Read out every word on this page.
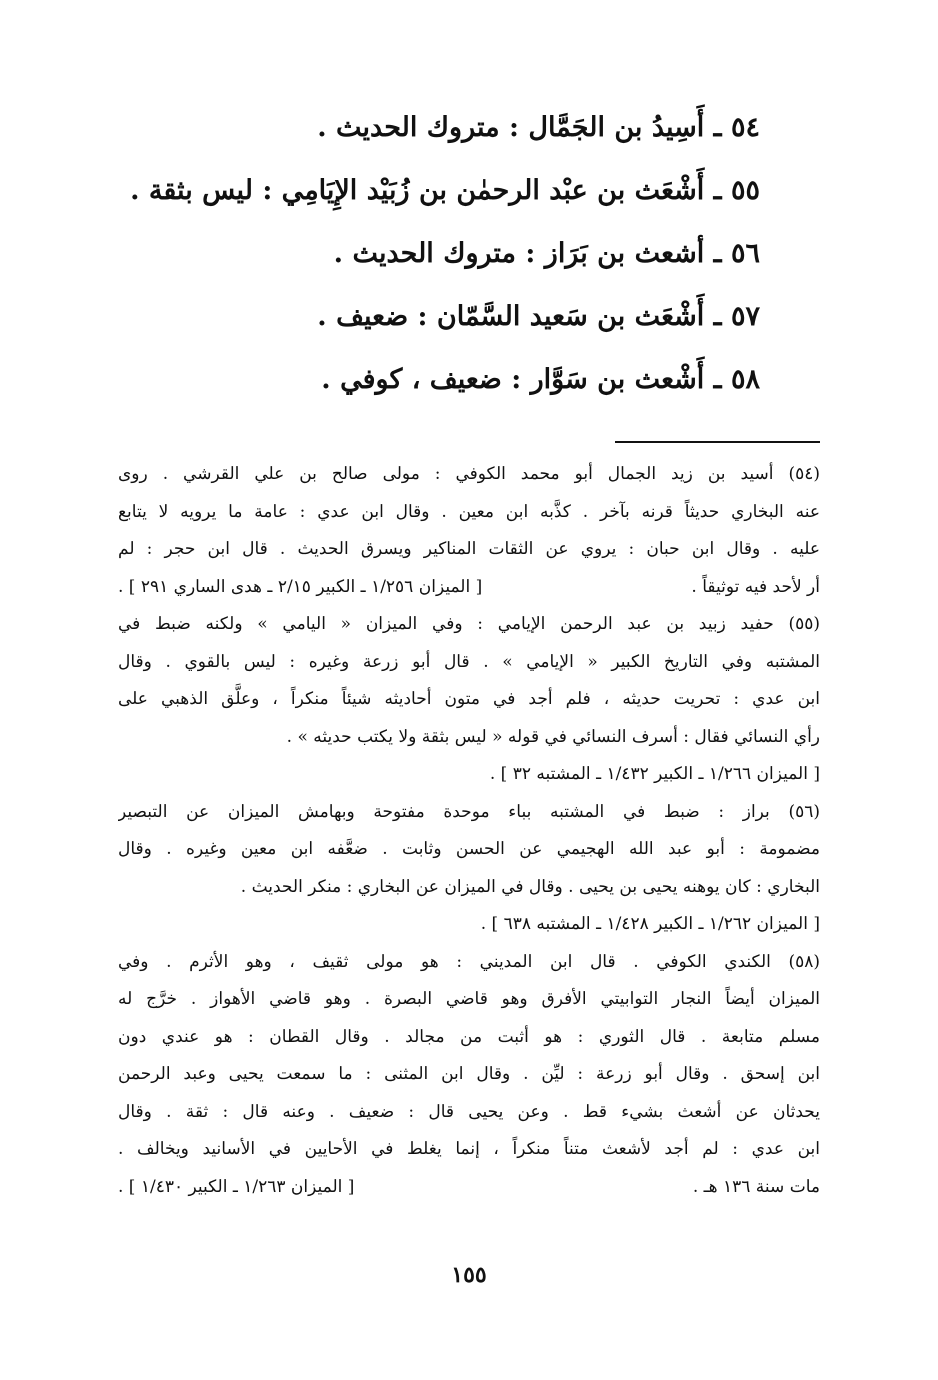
٥٤ ـ أَسِيدُ بن الجَمَّال : متروك الحديث .
٥٥ ـ أَشْعَث بن عبْد الرحمٰن بن زُبَيْد الإِيَامِي : ليس بثقة .
٥٦ ـ أشعث بن بَرَاز : متروك الحديث .
٥٧ ـ أَشْعَث بن سَعيد السَّمّان : ضعيف .
٥٨ ـ أَشْعث بن سَوَّار : ضعيف ، كوفي .
(٥٤) أسيد بن زيد الجمال أبو محمد الكوفي : مولى صالح بن علي القرشي . روى
عنه البخاري حديثاً قرنه بآخر . كذَّبه ابن معين . وقال ابن عدي : عامة ما يرويه لا يتابع
عليه . وقال ابن حبان : يروي عن الثقات المناكير ويسرق الحديث . قال ابن حجر : لم
أر لأحد فيه توثيقاً .
[ الميزان ١/٢٥٦ ـ الكبير ٢/١٥ ـ هدى الساري ٢٩١ ] .
(٥٥) حفيد زبيد بن عبد الرحمن الإيامي : وفي الميزان « اليامي » ولكنه ضبط في
المشتبه وفي التاريخ الكبير « الإيامي » . قال أبو زرعة وغيره : ليس بالقوي . وقال
ابن عدي : تحريت حديثه ، فلم أجد في متون أحاديثه شيئاً منكراً ، وعلَّق الذهبي على
رأي النسائي فقال : أسرف النسائي في قوله « ليس بثقة ولا يكتب حديثه » .
[ الميزان ١/٢٦٦ ـ الكبير ١/٤٣٢ ـ المشتبه ٣٢ ] .
(٥٦) براز : ضبط في المشتبه بباء موحدة مفتوحة وبهامش الميزان عن التبصير
مضمومة : أبو عبد الله الهجيمي عن الحسن وثابت . ضعَّفه ابن معين وغيره . وقال
البخاري : كان يوهنه يحيى بن يحيى . وقال في الميزان عن البخاري : منكر الحديث .
[ الميزان ١/٢٦٢ ـ الكبير ١/٤٢٨ ـ المشتبه ٦٣٨ ] .
(٥٨) الكندي الكوفي . قال ابن المديني : هو مولى ثقيف ، وهو الأثرم . وفي
الميزان أيضاً النجار التوابيتي الأفرق وهو قاضي البصرة . وهو قاضي الأهواز . خرَّج له
مسلم متابعة . قال الثوري : هو أثبت من مجالد . وقال القطان : هو عندي دون
ابن إسحق . وقال أبو زرعة : ليِّن . وقال ابن المثنى : ما سمعت يحيى وعبد الرحمن
يحدثان عن أشعث بشيء قط . وعن يحيى قال : ضعيف . وعنه قال : ثقة . وقال
ابن عدي : لم أجد لأشعث متناً منكراً ، إنما يغلط في الأحايين في الأسانيد ويخالف .
مات سنة ١٣٦ هـ .
[ الميزان ١/٢٦٣ ـ الكبير ١/٤٣٠ ] .
١٥٥
